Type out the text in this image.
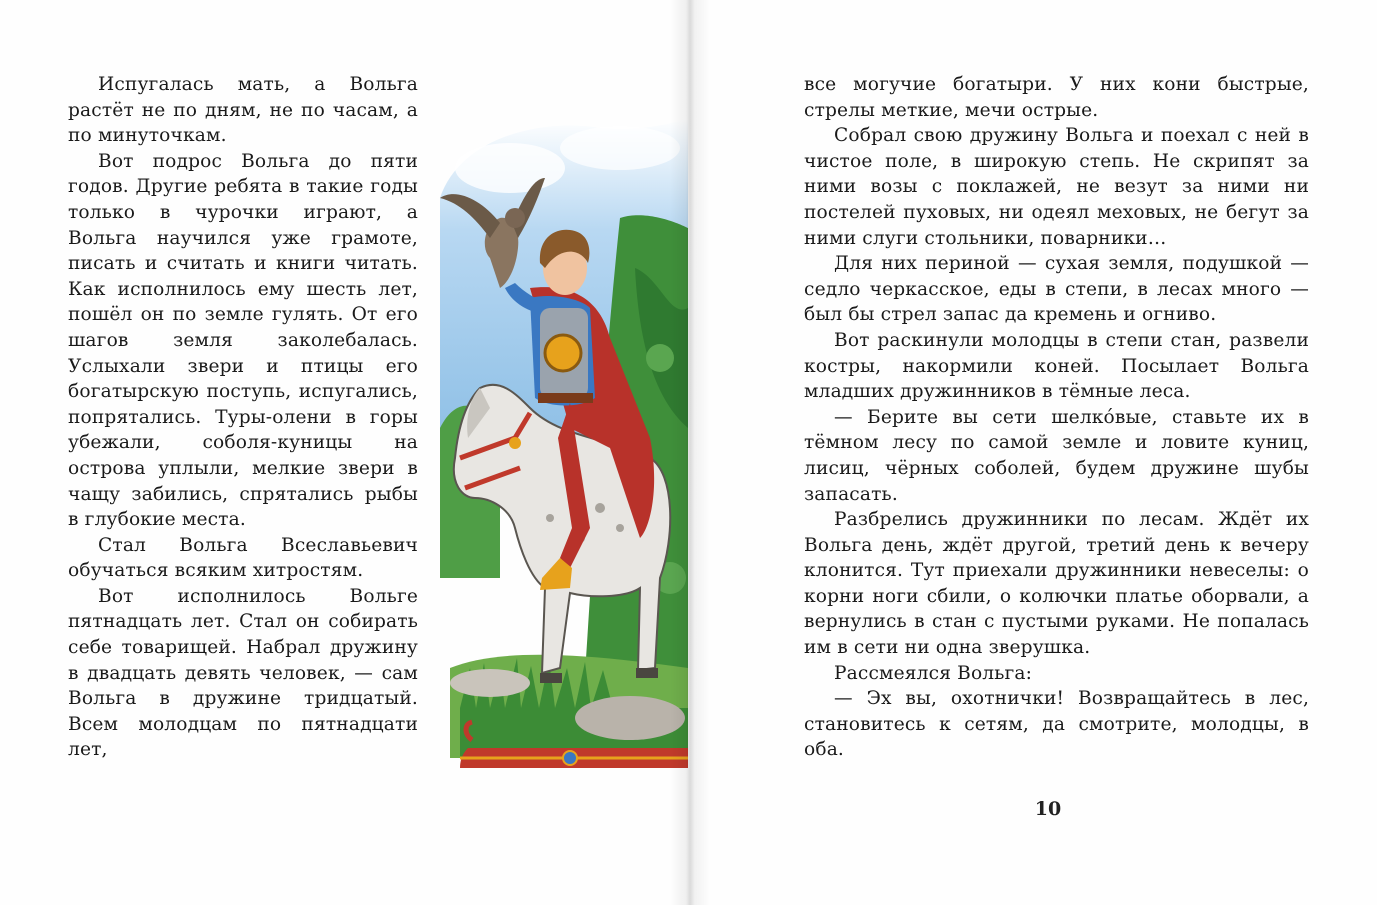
Испугалась мать, а Вольга растёт не по дням, не по часам, а по минуточкам.

Вот подрос Вольга до пяти годов. Другие ребята в такие годы только в чурочки играют, а Вольга научился уже грамоте, писать и считать и книги читать. Как исполнилось ему шесть лет, пошёл он по земле гулять. От его шагов земля заколебалась. Услыхали звери и птицы его богатырскую поступь, испугались, попрятались. Туры-олени в горы убежали, соболя-куницы на острова уплыли, мелкие звери в чащу забились, спрятались рыбы в глубокие места.

Стал Вольга Всеславьевич обучаться всяким хитростям.

Вот исполнилось Вольге пятнадцать лет. Стал он собирать себе товарищей. Набрал дружину в двадцать девять человек, — сам Вольга в дружине тридцатый. Всем молодцам по пятнадцати лет,

все могучие богатыри. У них кони быстрые, стрелы меткие, мечи острые.

Собрал свою дружину Вольга и поехал с ней в чистое поле, в широкую степь. Не скрипят за ними возы с поклажей, не везут за ними ни постелей пуховых, ни одеял меховых, не бегут за ними слуги стольники, поварники…

Для них периной — сухая земля, подушкой — седло черкасское, еды в степи, в лесах много — был бы стрел запас да кремень и огниво.

Вот раскинули молодцы в степи стан, развели костры, накормили коней. Посылает Вольга младших дружинников в тёмные леса.

— Берите вы сети шелкóвые, ставьте их в тёмном лесу по самой земле и ловите куниц, лисиц, чёрных соболей, будем дружине шубы запасать.

Разбрелись дружинники по лесам. Ждёт их Вольга день, ждёт другой, третий день к вечеру клонится. Тут приехали дружинники невеселы: о корни ноги сбили, о колючки платье оборвали, а вернулись в стан с пустыми руками. Не попалась им в сети ни одна зверушка.

Рассмеялся Вольга:

— Эх вы, охотнички! Возвращайтесь в лес, становитесь к сетям, да смотрите, молодцы, в оба.

10
